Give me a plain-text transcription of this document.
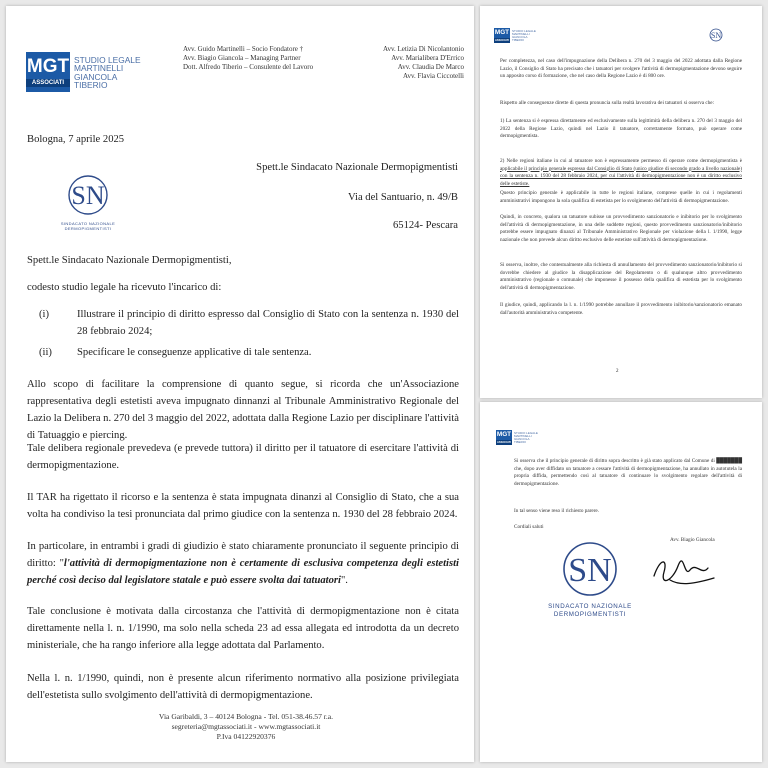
MGT
ASSOCIATI
STUDIO LEGALE
MARTINELLI
GIANCOLA
TIBERIO
Avv. Guido Martinelli – Socio Fondatore †
Avv. Biagio Giancola – Managing Partner
Dott. Alfredo Tiberio – Consulente del Lavoro
Avv. Letizia Di Nicolantonio
Avv. Marialibera D'Errico
Avv. Claudia De Marco
Avv. Flavia Ciccotelli
Bologna, 7 aprile 2025
Spett.le Sindacato Nazionale Dermopigmentisti
Via del Santuario, n. 49/B
65124- Pescara
SN
SINDACATO NAZIONALE DERMOPIGMENTISTI
Spett.le Sindacato Nazionale Dermopigmentisti,
codesto studio legale ha ricevuto l'incarico di:
(i)	Illustrare il principio di diritto espresso dal Consiglio di Stato con la sentenza n. 1930 del 28 febbraio 2024;
(ii) Specificare le conseguenze applicative di tale sentenza.
Allo scopo di facilitare la comprensione di quanto segue, si ricorda che un'Associazione rappresentativa degli estetisti aveva impugnato dinnanzi al Tribunale Amministrativo Regionale del Lazio la Delibera n. 270 del 3 maggio del 2022, adottata dalla Regione Lazio per disciplinare l'attività di Tatuaggio e piercing.
Tale delibera regionale prevedeva (e prevede tuttora) il diritto per il tatuatore di esercitare l'attività di dermopigmentazione.
Il TAR ha rigettato il ricorso e la sentenza è stata impugnata dinanzi al Consiglio di Stato, che a sua volta ha condiviso la tesi pronunciata dal primo giudice con la sentenza n. 1930 del 28 febbraio 2024.
In particolare, in entrambi i gradi di giudizio è stato chiaramente pronunciato il seguente principio di diritto: "l'attività di dermopigmentazione non è certamente di esclusiva competenza degli estetisti perché così deciso dal legislatore statale e può essere svolta dai tatuatori".
Tale conclusione è motivata dalla circostanza che l'attività di dermopigmentazione non è citata direttamente nella l. n. 1/1990, ma solo nella scheda 23 ad essa allegata ed introdotta da un decreto ministeriale, che ha rango inferiore alla legge adottata dal Parlamento.
Nella l. n. 1/1990, quindi, non è presente alcun riferimento normativo alla posizione privilegiata dell'estetista sullo svolgimento dell'attività di dermopigmentazione.
Via Garibaldi, 3 – 40124 Bologna - Tel. 051-38.46.57 r.a.
segreteria@mgtassociati.it - www.mgtassociati.it
P.Iva 04122920376
MGT
ASSOCIATI
STUDIO LEGALE
MARTINELLI
GIANCOLA
TIBERIO	SN
Per completezza, nel caso dell'impugnazione della Delibera n. 270 del 3 maggio del 2022 adottata dalla Regione Lazio, il Consiglio di Stato ha precisato che i tatuatori per svolgere l'attività di dermopigmentazione devono seguire un apposito corso di formazione, che nel caso della Regione Lazio è di 800 ore.
Rispetto alle conseguenze dirette di questa pronuncia sulla realtà lavorativa dei tatuatori si osserva che:
1) La sentenza si è espressa direttamente ed esclusivamente sulla legittimità della delibera n. 270 del 3 maggio del 2022 della Regione Lazio, quindi nel Lazio il tatuatore, correttamente formato, può operare come dermopigmentista.
2) Nelle regioni italiane in cui al tatuatore non è espressamente permesso di operare come dermopigmentista è applicabile il principio generale espresso dal Consiglio di Stato (unico giudice di secondo grado a livello nazionale) con la sentenza n. 1930 del 28 febbraio 2024, per cui l'attività di dermopigmentazione non è un diritto esclusivo delle estetiste.
Questo principio generale è applicabile in tutte le regioni italiane, comprese quelle in cui i regolamenti amministrativi impongono la sola qualifica di estetista per lo svolgimento dell'attività di dermopigmentazione.
Quindi, in concreto, qualora un tatuatore subisse un provvedimento sanzionatorio e inibitorio per lo svolgimento dell'attività di dermopigmentazione, in una delle suddette regioni, questo provvedimento sanzionatorio/inibitorio potrebbe essere impugnato dinanzi al Tribunale Amministrativo Regionale per violazione della l. 1/1990, legge nazionale che non prevede alcun diritto esclusivo delle estetiste sull'attività di dermopigmentazione.
Si osserva, inoltre, che contestualmente alla richiesta di annullamento del provvedimento sanzionatorio/inibitorio si dovrebbe chiedere al giudice la disapplicazione del Regolamento o di qualunque altro provvedimento amministrativo (regionale o comunale) che imponesse il possesso della qualifica di estetista per lo svolgimento dell'attività di dermopigmentazione.
Il giudice, quindi, applicando la l. n. 1/1990 potrebbe annullare il provvedimento inibitorio/sanzionatorio emanato dall'autorità amministrativa competente.
2
MGT
ASSOCIATI
STUDIO LEGALE
MARTINELLI
GIANCOLA
TIBERIO
Si osserva che il principio generale di diritto sopra descritto è già stato applicato dal Comune di ███████ che, dopo aver diffidato un tatuatore a cessare l'attività di dermopigmentazione, ha annullato in autotutela la propria diffida, permettendo così al tatuatore di continuare lo svolgimento regolare dell'attività di dermopigmentazione.
In tal senso viene reso il richiesto parere.
Cordiali saluti
Avv. Biagio Giancola
SN
SINDACATO NAZIONALE
DERMOPIGMENTISTI
